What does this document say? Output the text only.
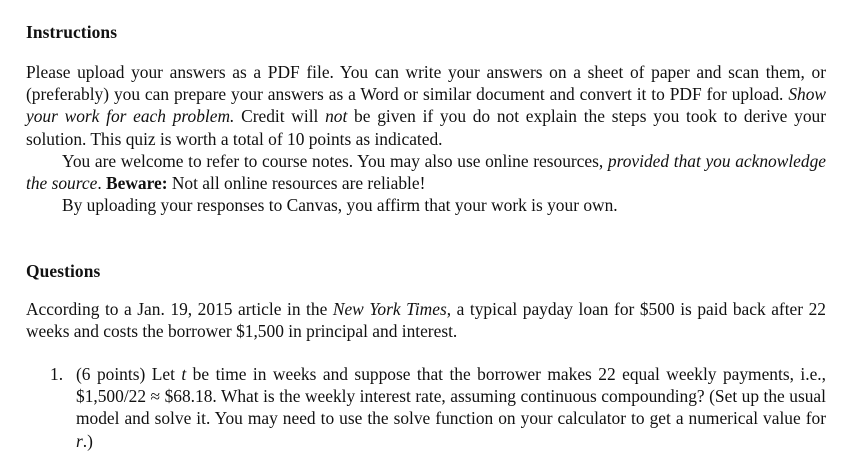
Instructions

Please upload your answers as a PDF file. You can write your answers on a sheet of paper and scan them, or (preferably) you can prepare your answers as a Word or similar document and convert it to PDF for upload. Show your work for each problem. Credit will not be given if you do not explain the steps you took to derive your solution. This quiz is worth a total of 10 points as indicated.

You are welcome to refer to course notes. You may also use online resources, provided that you acknowledge the source. Beware: Not all online resources are reliable!

By uploading your responses to Canvas, you affirm that your work is your own.

Questions

According to a Jan. 19, 2015 article in the New York Times, a typical payday loan for $500 is paid back after 22 weeks and costs the borrower $1,500 in principal and interest.

1. (6 points) Let t be time in weeks and suppose that the borrower makes 22 equal weekly payments, i.e., $1,500/22 ≈ $68.18. What is the weekly interest rate, assuming continuous compounding? (Set up the usual model and solve it. You may need to use the solve function on your calculator to get a numerical value for r.)
